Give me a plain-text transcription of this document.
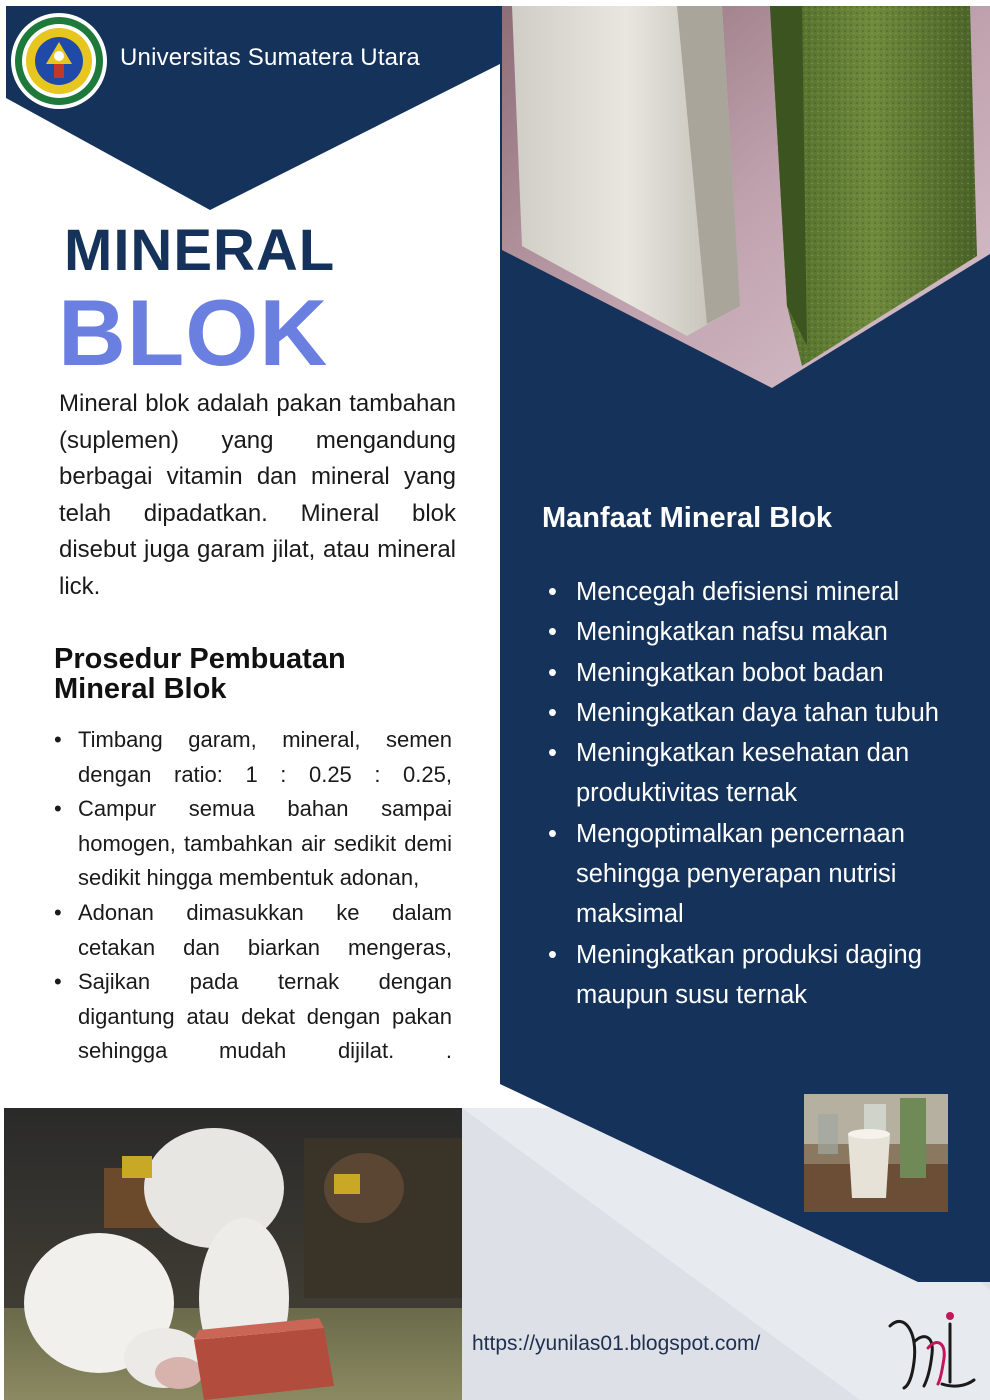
Universitas Sumatera Utara
MINERAL
BLOK

Mineral blok adalah pakan tambahan (suplemen) yang mengandung berbagai vitamin dan mineral yang telah dipadatkan. Mineral blok disebut juga garam jilat, atau mineral lick.

Prosedur Pembuatan Mineral Blok
• Timbang garam, mineral, semen dengan ratio: 1 : 0.25 : 0.25,
• Campur semua bahan sampai homogen, tambahkan air sedikit demi sedikit hingga membentuk adonan,
• Adonan dimasukkan ke dalam cetakan dan biarkan mengeras,
• Sajikan pada ternak dengan digantung atau dekat dengan pakan sehingga mudah dijilat. .
Manfaat Mineral Blok
• Mencegah defisiensi mineral
• Meningkatkan nafsu makan
• Meningkatkan bobot badan
• Meningkatkan daya tahan tubuh
• Meningkatkan kesehatan dan produktivitas ternak
• Mengoptimalkan pencernaan sehingga penyerapan nutrisi maksimal
• Meningkatkan produksi daging maupun susu ternak
https://yunilas01.blogspot.com/
